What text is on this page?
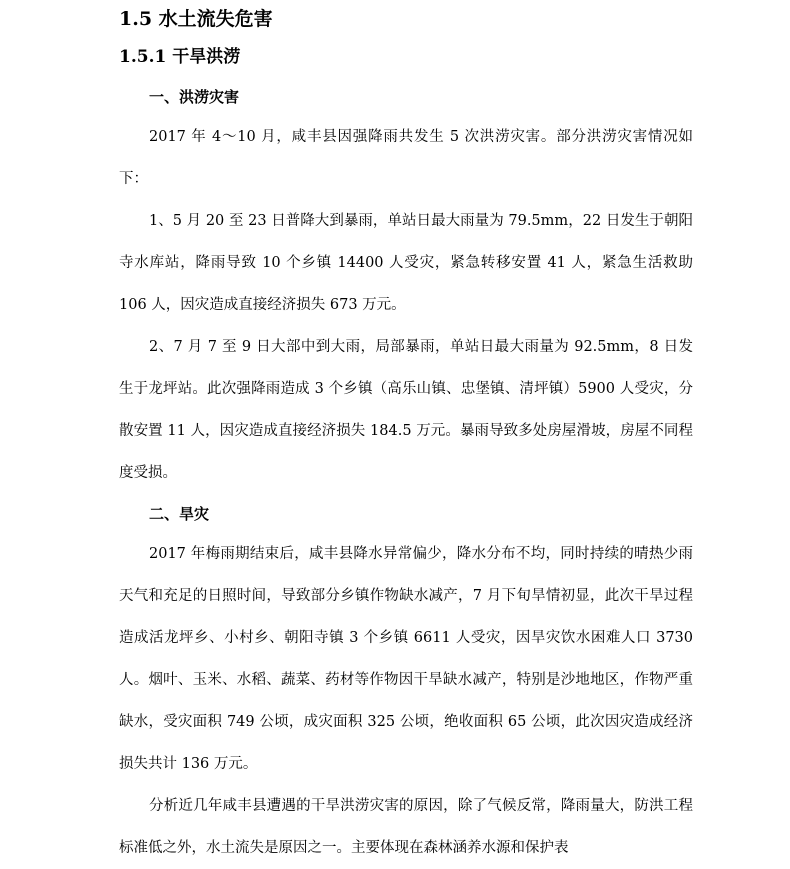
1.5 水土流失危害
1.5.1 干旱洪涝
一、洪涝灾害

2017 年 4～10 月，咸丰县因强降雨共发生 5 次洪涝灾害。部分洪涝灾害情况如下：

1、5 月 20 至 23 日普降大到暴雨，单站日最大雨量为 79.5mm，22 日发生于朝阳寺水库站，降雨导致 10 个乡镇 14400 人受灾，紧急转移安置 41 人，紧急生活救助 106 人，因灾造成直接经济损失 673 万元。

2、7 月 7 至 9 日大部中到大雨，局部暴雨，单站日最大雨量为 92.5mm，8 日发生于龙坪站。此次强降雨造成 3 个乡镇（高乐山镇、忠堡镇、清坪镇）5900 人受灾，分散安置 11 人，因灾造成直接经济损失 184.5 万元。暴雨导致多处房屋滑坡，房屋不同程度受损。

二、旱灾

2017 年梅雨期结束后，咸丰县降水异常偏少，降水分布不均，同时持续的晴热少雨天气和充足的日照时间，导致部分乡镇作物缺水减产，7 月下旬旱情初显，此次干旱过程造成活龙坪乡、小村乡、朝阳寺镇 3 个乡镇 6611 人受灾，因旱灾饮水困难人口 3730 人。烟叶、玉米、水稻、蔬菜、药材等作物因干旱缺水减产，特别是沙地地区，作物严重缺水，受灾面积 749 公顷，成灾面积 325 公顷，绝收面积 65 公顷，此次因灾造成经济损失共计 136 万元。

分析近几年咸丰县遭遇的干旱洪涝灾害的原因，除了气候反常，降雨量大，防洪工程标准低之外，水土流失是原因之一。主要体现在森林涵养水源和保护表
